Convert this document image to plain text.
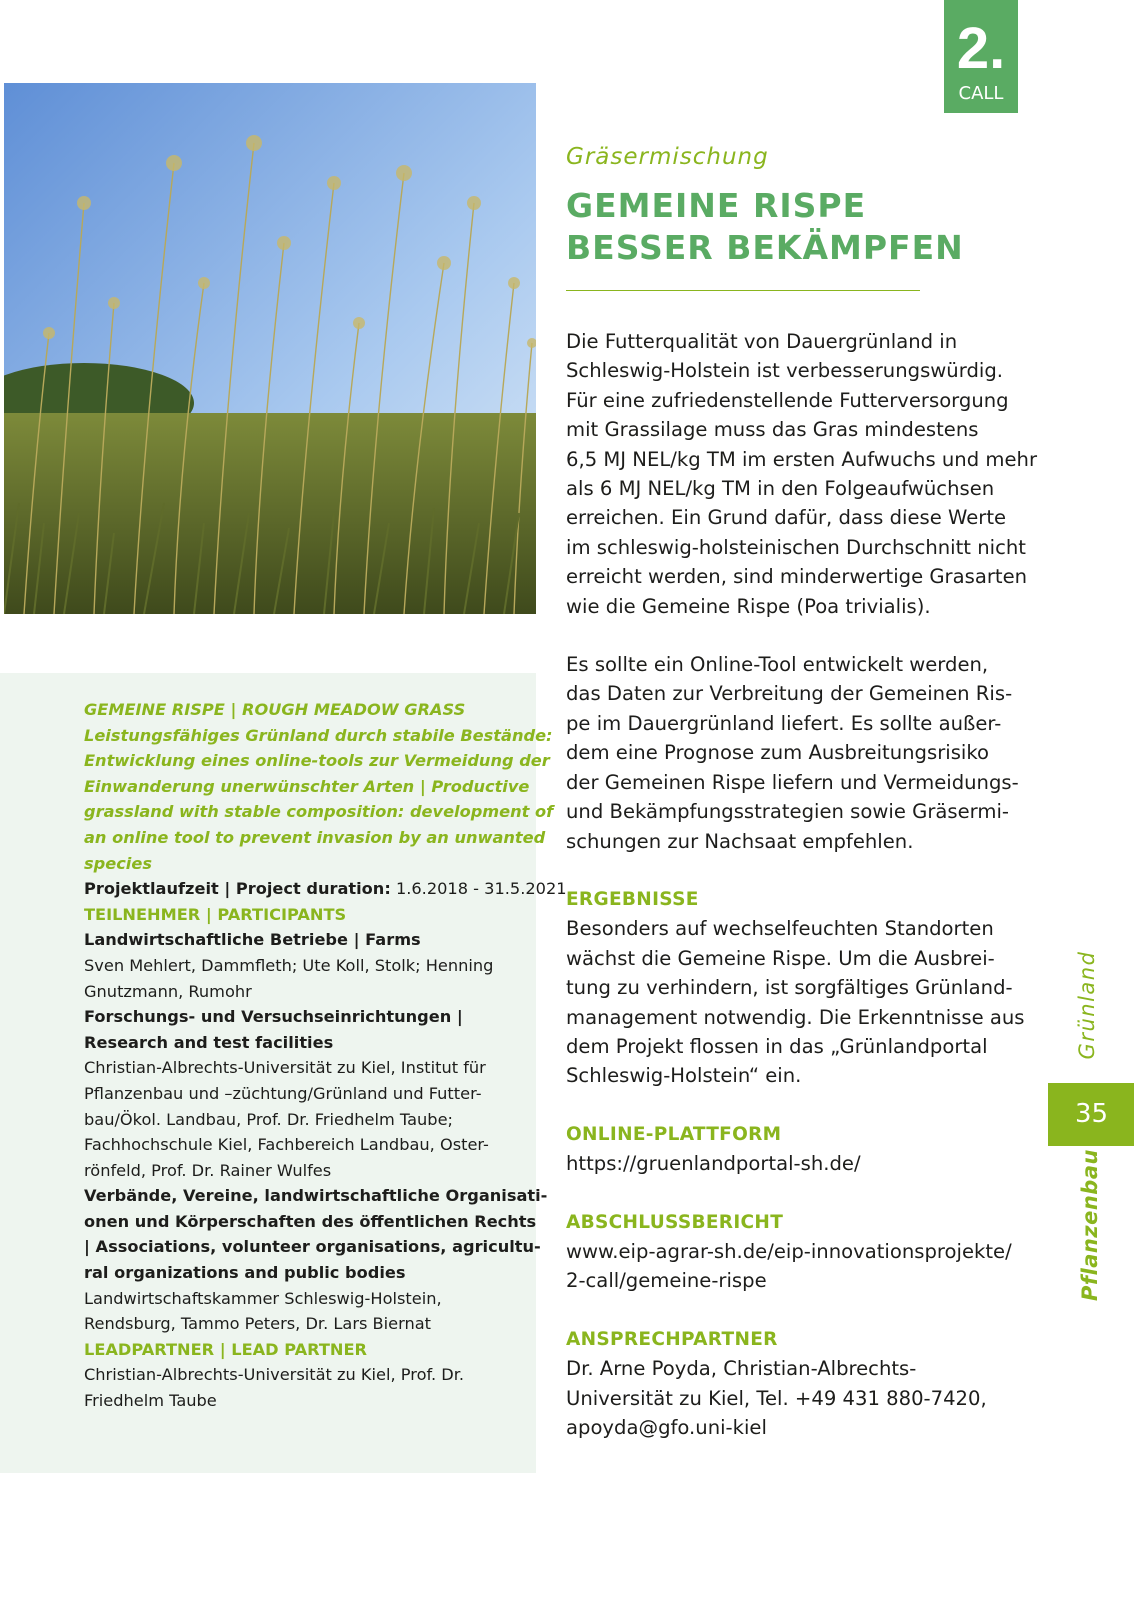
2.
CALL
Gräsermischung
GEMEINE RISPE
BESSER BEKÄMPFEN

Die Futterqualität von Dauergrünland in
Schleswig-Holstein ist verbesserungswürdig.
Für eine zufriedenstellende Futterversorgung
mit Grassilage muss das Gras mindestens
6,5 MJ NEL/kg TM im ersten Aufwuchs und mehr
als 6 MJ NEL/kg TM in den Folgeaufwüchsen
erreichen. Ein Grund dafür, dass diese Werte
im schleswig-holsteinischen Durchschnitt nicht
erreicht werden, sind minderwertige Grasarten
wie die Gemeine Rispe (Poa trivialis).

Es sollte ein Online-Tool entwickelt werden,
das Daten zur Verbreitung der Gemeinen Ris-
pe im Dauergrünland liefert. Es sollte außer-
dem eine Prognose zum Ausbreitungsrisiko
der Gemeinen Rispe liefern und Vermeidungs-
und Bekämpfungsstrategien sowie Gräsermi-
schungen zur Nachsaat empfehlen.

ERGEBNISSE

Besonders auf wechselfeuchten Standorten
wächst die Gemeine Rispe. Um die Ausbrei-
tung zu verhindern, ist sorgfältiges Grünland-
management notwendig. Die Erkenntnisse aus
dem Projekt flossen in das „Grünlandportal
Schleswig-Holstein“ ein.

ONLINE-PLATTFORM

https://gruenlandportal-sh.de/

ABSCHLUSSBERICHT

www.eip-agrar-sh.de/eip-innovationsprojekte/
2-call/gemeine-rispe

ANSPRECHPARTNER

Dr. Arne Poyda, Christian-Albrechts-
Universität zu Kiel, Tel. +49 431 880-7420,
apoyda@gfo.uni-kiel

GEMEINE RISPE | ROUGH MEADOW GRASS
Leistungsfähiges Grünland durch stabile Bestände:
Entwicklung eines online-tools zur Vermeidung der
Einwanderung unerwünschter Arten | Productive
grassland with stable composition: development of
an online tool to prevent invasion by an unwanted
species
Projektlaufzeit | Project duration: 1.6.2018 - 31.5.2021
TEILNEHMER | PARTICIPANTS
Landwirtschaftliche Betriebe | Farms
Sven Mehlert, Dammfleth; Ute Koll, Stolk; Henning
Gnutzmann, Rumohr
Forschungs- und Versuchseinrichtungen |
Research and test facilities
Christian-Albrechts-Universität zu Kiel, Institut für
Pflanzenbau und –züchtung/Grünland und Futter-
bau/Ökol. Landbau, Prof. Dr. Friedhelm Taube;
Fachhochschule Kiel, Fachbereich Landbau, Oster-
rönfeld, Prof. Dr. Rainer Wulfes
Verbände, Vereine, landwirtschaftliche Organisati-
onen und Körperschaften des öffentlichen Rechts
| Associations, volunteer organisations, agricultu-
ral organizations and public bodies
Landwirtschaftskammer Schleswig-Holstein,
Rendsburg, Tammo Peters, Dr. Lars Biernat
LEADPARTNER | LEAD PARTNER
Christian-Albrechts-Universität zu Kiel, Prof. Dr.
Friedhelm Taube
Grünland
35
Pflanzenbau
